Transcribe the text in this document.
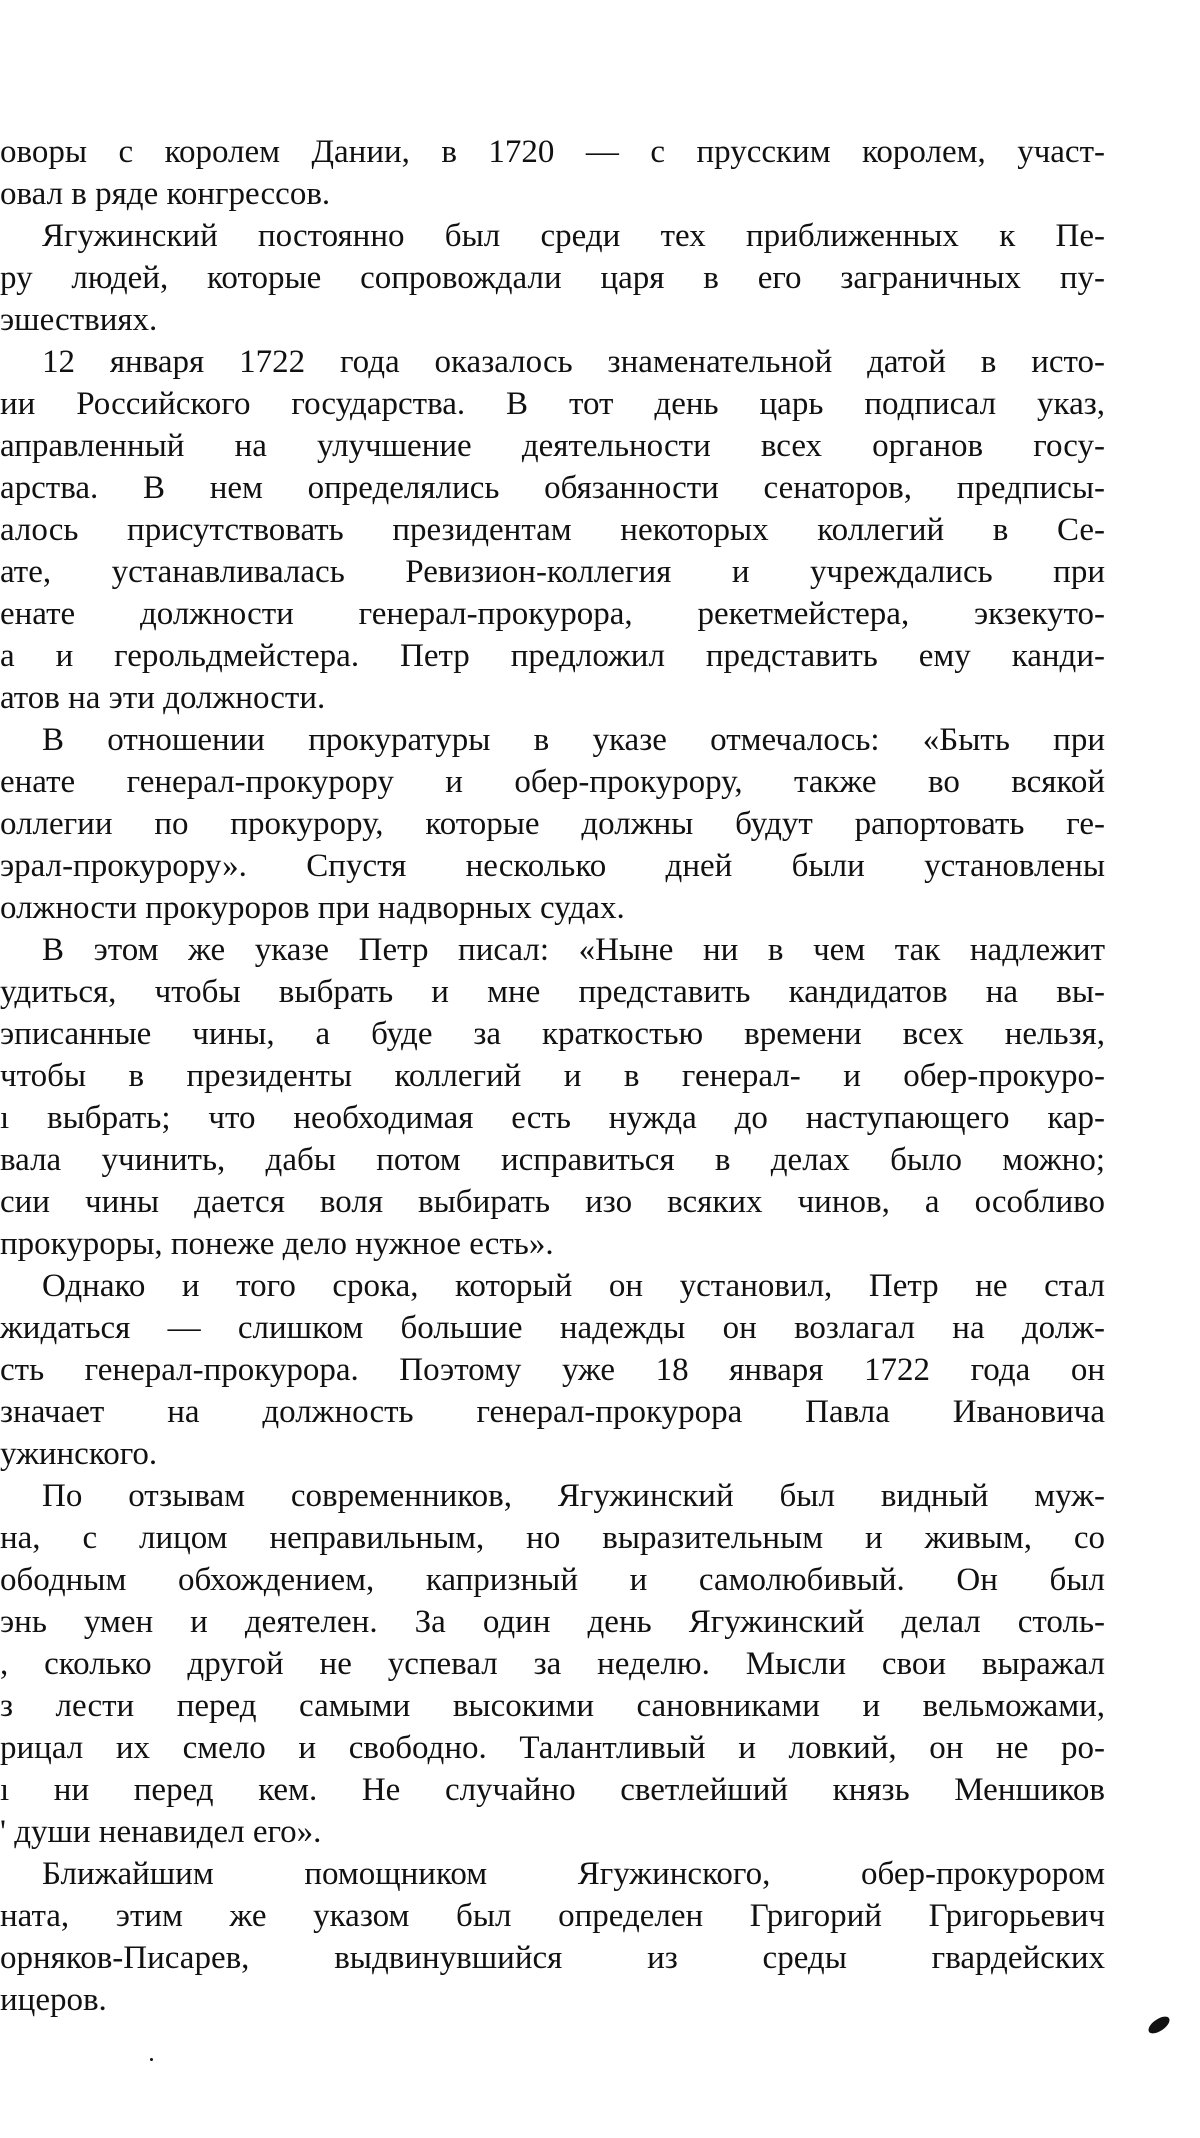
оворы с королем Дании, в 1720 — с прусским королем, участ-
овал в ряде конгрессов.
Ягужинский постоянно был среди тех приближенных к Пе-
ру людей, которые сопровождали царя в его заграничных пу-
эшествиях.
12 января 1722 года оказалось знаменательной датой в исто-
ии Российского государства. В тот день царь подписал указ,
аправленный на улучшение деятельности всех органов госу-
арства. В нем определялись обязанности сенаторов, предписы-
алось присутствовать президентам некоторых коллегий в Се-
ате, устанавливалась Ревизион-коллегия и учреждались при
енате должности генерал-прокурора, рекетмейстера, экзекуто-
а и герольдмейстера. Петр предложил представить ему канди-
атов на эти должности.
В отношении прокуратуры в указе отмечалось: «Быть при
енате генерал-прокурору и обер-прокурору, также во всякой
оллегии по прокурору, которые должны будут рапортовать ге-
эрал-прокурору». Спустя несколько дней были установлены
олжности прокуроров при надворных судах.
В этом же указе Петр писал: «Ныне ни в чем так надлежит
удиться, чтобы выбрать и мне представить кандидатов на вы-
эписанные чины, а буде за краткостью времени всех нельзя,
чтобы в президенты коллегий и в генерал- и обер-прокуро-
ı выбрать; что необходимая есть нужда до наступающего кар-
вала учинить, дабы потом исправиться в делах было можно;
сии чины дается воля выбирать изо всяких чинов, а особливо
прокуроры, понеже дело нужное есть».
Однако и того срока, который он установил, Петр не стал
жидаться — слишком большие надежды он возлагал на долж-
сть генерал-прокурора. Поэтому уже 18 января 1722 года он
значает на должность генерал-прокурора Павла Ивановича
ужинского.
По отзывам современников, Ягужинский был видный муж-
на, с лицом неправильным, но выразительным и живым, со
ободным обхождением, капризный и самолюбивый. Он был
энь умен и деятелен. За один день Ягужинский делал столь-
, сколько другой не успевал за неделю. Мысли свои выражал
з лести перед самыми высокими сановниками и вельможами,
рицал их смело и свободно. Талантливый и ловкий, он не ро-
ı ни перед кем. Не случайно светлейший князь Меншиков
' души ненавидел его».
Ближайшим помощником Ягужинского, обер-прокурором
ната, этим же указом был определен Григорий Григорьевич
орняков-Писарев, выдвинувшийся из среды гвардейских
ицеров.
